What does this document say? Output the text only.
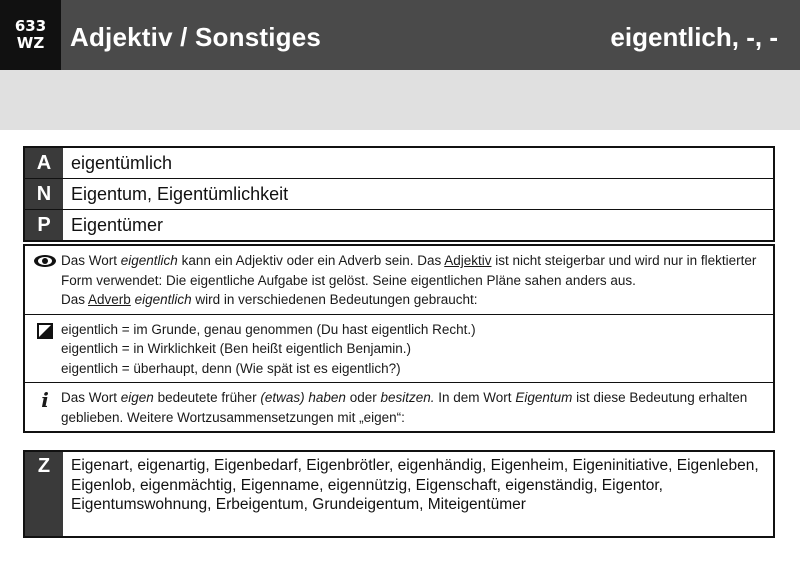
633
WZ Adjektiv / Sonstiges	eigentlich, -, -
A	eigentümlich
N	Eigentum, Eigentümlichkeit
P	Eigentümer

Das Wort eigentlich kann ein Adjektiv oder ein Adverb sein. Das Adjektiv ist nicht steigerbar und wird nur in flektierter Form verwendet: Die eigentliche Aufgabe ist gelöst. Seine eigentlichen Pläne sahen anders aus.

Das Adverb eigentlich wird in verschiedenen Bedeutungen gebraucht:

eigentlich = im Grunde, genau genommen (Du hast eigentlich Recht.)

eigentlich = in Wirklichkeit (Ben heißt eigentlich Benjamin.)

eigentlich = überhaupt, denn (Wie spät ist es eigentlich?)

i Das Wort eigen bedeutete früher (etwas) haben oder besitzen. In dem Wort Eigentum ist diese Bedeutung erhalten geblieben. Weitere Wortzusammensetzungen mit „eigen“:

Z	Eigenart, eigenartig, Eigenbedarf, Eigenbrötler, eigenhändig, Eigenheim, Eigeninitiative, Eigenleben, Eigenlob, eigenmächtig, Eigenname, eigennützig, Eigenschaft, eigenständig, Eigentor, Eigentumswohnung, Erbeigentum, Grundeigentum, Miteigentümer
